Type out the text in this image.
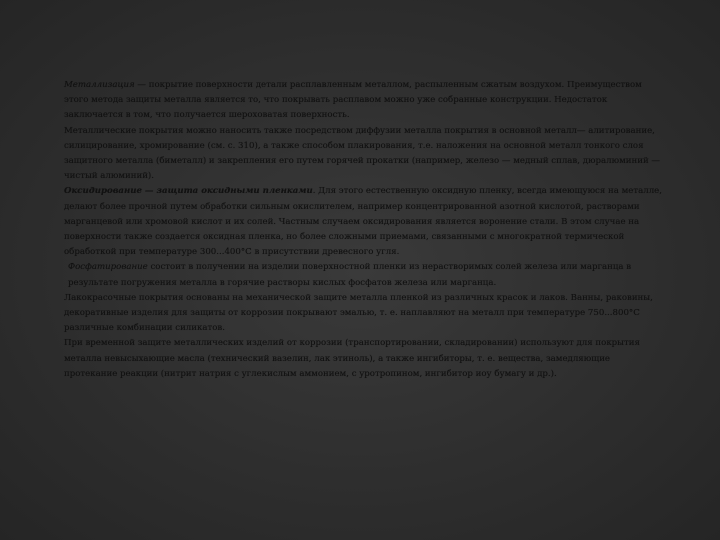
Металлизация — покрытие поверхности детали расплавленным металлом, распыленным сжатым воздухом. Преимуществом этого метода защиты металла является то, что покрывать расплавом можно уже собранные конструкции. Недостаток заключается в том, что получается шероховатая поверхность.

Металлические покрытия можно наносить также посредством диффузии металла покрытия в основной металл— алитирование, силицирование, хромирование (см. с. 310), а также способом плакирования, т.е. наложения на основной металл тонкого слоя защитного металла (биметалл) и закрепления его путем горячей прокатки (например, железо — медный сплав, дюралюминий — чистый алюминий).

Оксидирование — защита оксидными пленками. Для этого естественную оксидную пленку, всегда имеющуюся на металле, делают более прочной путем обработки сильным окислителем, например концентрированной азотной кислотой, растворами марганцевой или хромовой кислот и их солей. Частным случаем оксидирования является воронение стали. В этом случае на поверхности также создается оксидная пленка, но более сложными приемами, связанными с многократной термической обработкой при температуре 300...400°С в присутствии древесного угля.

Фосфатирование состоит в получении на изделии поверхностной пленки из нерастворимых солей железа или марганца в результате погружения металла в горячие растворы кислых фосфатов железа или марганца.

Лакокрасочные покрытия основаны на механической защите металла пленкой из различных красок и лаков. Ванны, раковины, декоративные изделия для защиты от коррозии покрывают эмалью, т. е. наплавляют на металл при температуре 750...800°С различные комбинации силикатов.

При временной защите металлических изделий от коррозии (транспортировании, складировании) используют для покрытия металла невысыхающие масла (технический вазелин, лак этиноль), а также ингибиторы, т. е. вещества, замедляющие протекание реакции (нитрит натрия с углекислым аммонием, с уротропином, ингибитор иоу бумагу и др.).
